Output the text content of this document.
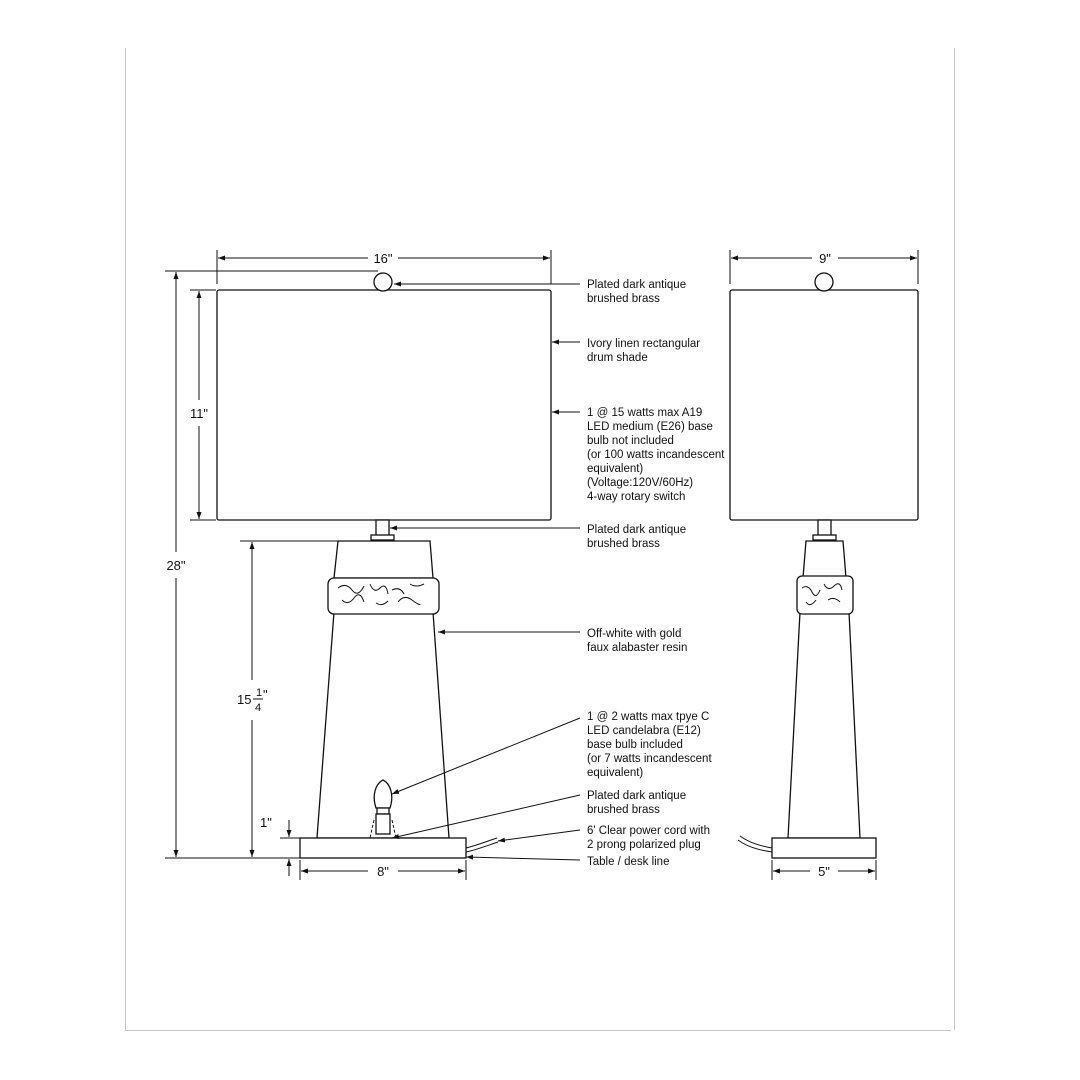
16"	9"
28"
11"
15 1
4
"
1"
8"	5"
Plated dark antique
brushed brass
Ivory linen rectangular
drum shade
1 @ 15 watts max A19
LED medium (E26) base
bulb not included
(or 100 watts incandescent
equivalent)
(Voltage:120V/60Hz)
4-way rotary switch
Plated dark antique
brushed brass
Off-white with gold
faux alabaster resin
1 @ 2 watts max tpye C
LED candelabra (E12)
base bulb included
(or 7 watts incandescent
equivalent)
Plated dark antique
brushed brass
6' Clear power cord with
2 prong polarized plug
Table / desk line
